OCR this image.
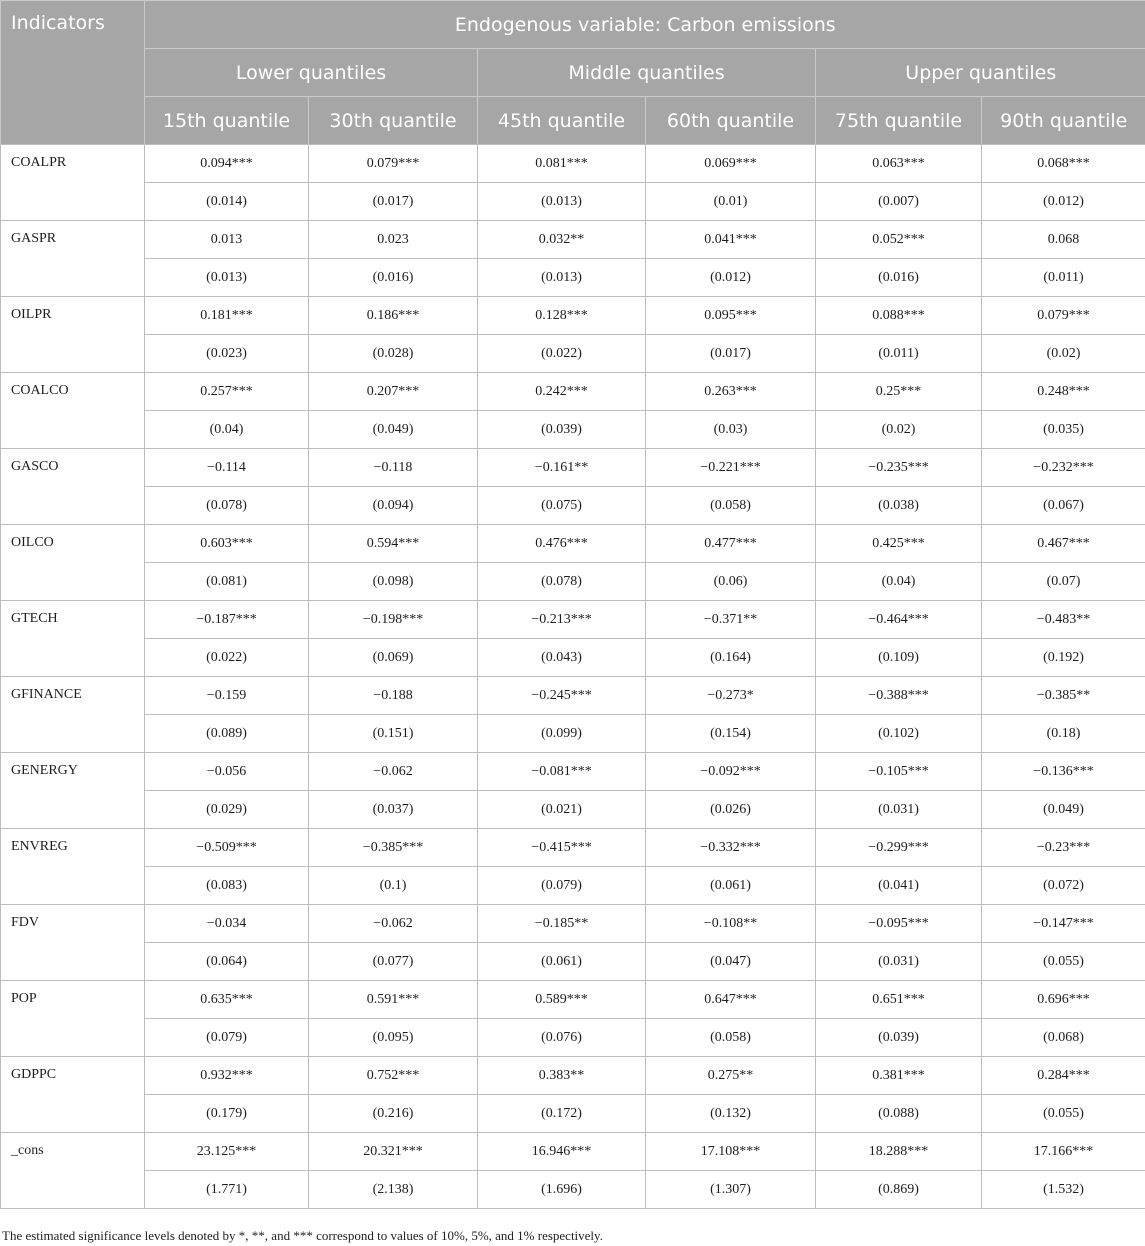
Indicators	Endogenous variable: Carbon emissions					
	Lower quantiles		Middle quantiles		Upper quantiles	
	15th quantile	30th quantile	45th quantile	60th quantile	75th quantile	90th quantile
COALPR	0.094***	0.079***	0.081***	0.069***	0.063***	0.068***
	(0.014)	(0.017)	(0.013)	(0.01)	(0.007)	(0.012)
GASPR	0.013	0.023	0.032**	0.041***	0.052***	0.068
	(0.013)	(0.016)	(0.013)	(0.012)	(0.016)	(0.011)
OILPR	0.181***	0.186***	0.128***	0.095***	0.088***	0.079***
	(0.023)	(0.028)	(0.022)	(0.017)	(0.011)	(0.02)
COALCO	0.257***	0.207***	0.242***	0.263***	0.25***	0.248***
	(0.04)	(0.049)	(0.039)	(0.03)	(0.02)	(0.035)
GASCO	−0.114	−0.118	−0.161**	−0.221***	−0.235***	−0.232***
	(0.078)	(0.094)	(0.075)	(0.058)	(0.038)	(0.067)
OILCO	0.603***	0.594***	0.476***	0.477***	0.425***	0.467***
	(0.081)	(0.098)	(0.078)	(0.06)	(0.04)	(0.07)
GTECH	−0.187***	−0.198***	−0.213***	−0.371**	−0.464***	−0.483**
	(0.022)	(0.069)	(0.043)	(0.164)	(0.109)	(0.192)
GFINANCE	−0.159	−0.188	−0.245***	−0.273*	−0.388***	−0.385**
	(0.089)	(0.151)	(0.099)	(0.154)	(0.102)	(0.18)
GENERGY	−0.056	−0.062	−0.081***	−0.092***	−0.105***	−0.136***
	(0.029)	(0.037)	(0.021)	(0.026)	(0.031)	(0.049)
ENVREG	−0.509***	−0.385***	−0.415***	−0.332***	−0.299***	−0.23***
	(0.083)	(0.1)	(0.079)	(0.061)	(0.041)	(0.072)
FDV	−0.034	−0.062	−0.185**	−0.108**	−0.095***	−0.147***
	(0.064)	(0.077)	(0.061)	(0.047)	(0.031)	(0.055)
POP	0.635***	0.591***	0.589***	0.647***	0.651***	0.696***
	(0.079)	(0.095)	(0.076)	(0.058)	(0.039)	(0.068)
GDPPC	0.932***	0.752***	0.383**	0.275**	0.381***	0.284***
	(0.179)	(0.216)	(0.172)	(0.132)	(0.088)	(0.055)
_cons	23.125***	20.321***	16.946***	17.108***	18.288***	17.166***
	(1.771)	(2.138)	(1.696)	(1.307)	(0.869)	(1.532)
The estimated significance levels denoted by *, **, and *** correspond to values of 10%, 5%, and 1% respectively.
